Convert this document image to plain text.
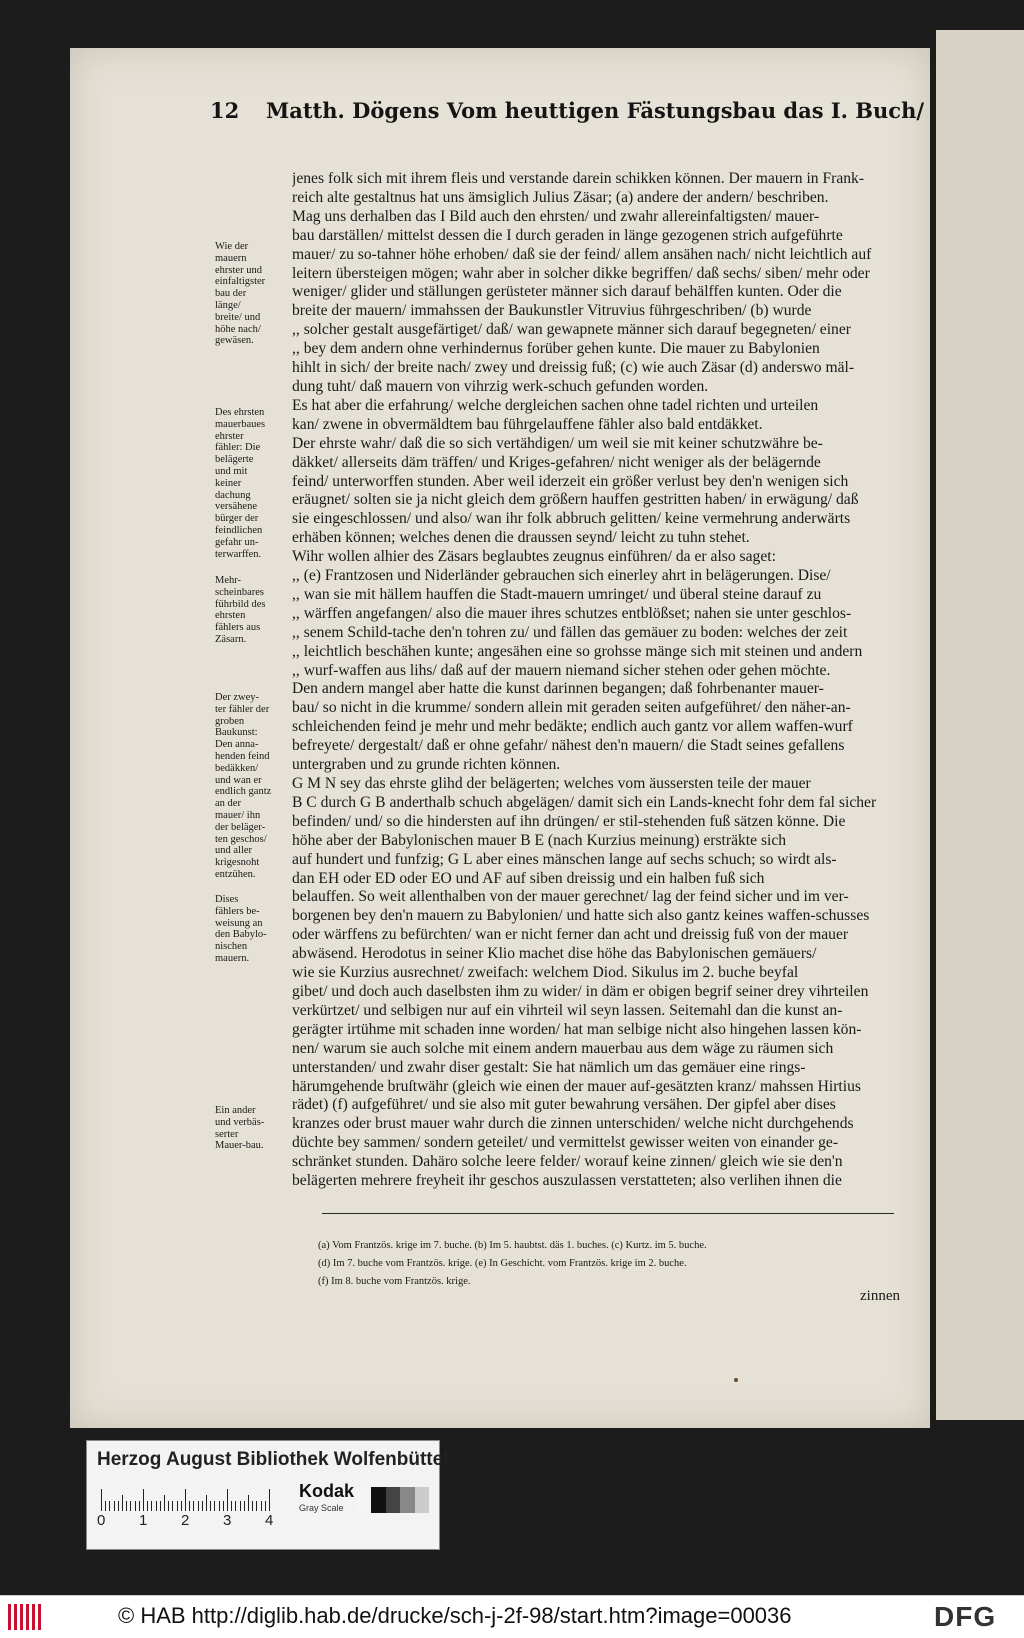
12 Matth. Dögens Vom heuttigen Fästungsbau das I. Buch/
jenes folk sich mit ihrem fleis und verstande darein schikken können. Der mauern in Frank-
reich alte gestaltnus hat uns ämsiglich Julius Zäsar; (a) andere der andern/ beschriben.
Mag uns derhalben das I Bild auch den ehrsten/ und zwahr allereinfaltigsten/ mauer-
bau darställen/ mittelst dessen die I durch geraden in länge gezogenen strich aufgeführte
mauer/ zu so-tahner höhe erhoben/ daß sie der feind/ allem ansähen nach/ nicht leichtlich auf
leitern übersteigen mögen; wahr aber in solcher dikke begriffen/ daß sechs/ siben/ mehr oder
weniger/ glider und ställungen gerüsteter männer sich darauf behälffen kunten. Oder die
breite der mauern/ immahssen der Baukunstler Vitruvius führgeschriben/ (b) wurde
,, solcher gestalt ausgefärtiget/ daß/ wan gewapnete männer sich darauf begegneten/ einer
,, bey dem andern ohne verhindernus forüber gehen kunte. Die mauer zu Babylonien
hihlt in sich/ der breite nach/ zwey und dreissig fuß; (c) wie auch Zäsar (d) anderswo mäl-
dung tuht/ daß mauern von vihrzig werk-schuch gefunden worden.
Es hat aber die erfahrung/ welche dergleichen sachen ohne tadel richten und urteilen
kan/ zwene in obvermäldtem bau führgelauffene fähler also bald entdäkket.
Der ehrste wahr/ daß die so sich vertähdigen/ um weil sie mit keiner schutzwähre be-
däkket/ allerseits däm träffen/ und Kriges-gefahren/ nicht weniger als der belägernde
feind/ unterworffen stunden. Aber weil iderzeit ein größer verlust bey den'n wenigen sich
eräugnet/ solten sie ja nicht gleich dem größern hauffen gestritten haben/ in erwägung/ daß
sie eingeschlossen/ und also/ wan ihr folk abbruch gelitten/ keine vermehrung anderwärts
erhäben können; welches denen die draussen seynd/ leicht zu tuhn stehet.
Wihr wollen alhier des Zäsars beglaubtes zeugnus einführen/ da er also saget:
,, (e) Frantzosen und Niderländer gebrauchen sich einerley ahrt in belägerungen. Dise/
,, wan sie mit hällem hauffen die Stadt-mauern umringet/ und überal steine darauf zu
,, wärffen angefangen/ also die mauer ihres schutzes entblößset; nahen sie unter geschlos-
,, senem Schild-tache den'n tohren zu/ und fällen das gemäuer zu boden: welches der zeit
,, leichtlich beschähen kunte; angesähen eine so grohsse mänge sich mit steinen und andern
,, wurf-waffen aus lihs/ daß auf der mauern niemand sicher stehen oder gehen möchte.
Den andern mangel aber hatte die kunst darinnen begangen; daß fohrbenanter mauer-
bau/ so nicht in die krumme/ sondern allein mit geraden seiten aufgeführet/ den näher-an-
schleichenden feind je mehr und mehr bedäkte; endlich auch gantz vor allem waffen-wurf
befreyete/ dergestalt/ daß er ohne gefahr/ nähest den'n mauern/ die Stadt seines gefallens
untergraben und zu grunde richten können.
G M N sey das ehrste glihd der belägerten; welches vom äussersten teile der mauer
B C durch G B anderthalb schuch abgelägen/ damit sich ein Lands-knecht fohr dem fal sicher
befinden/ und/ so die hindersten auf ihn drüngen/ er stil-stehenden fuß sätzen könne. Die
höhe aber der Babylonischen mauer B E (nach Kurzius meinung) ersträkte sich
auf hundert und funfzig; G L aber eines mänschen lange auf sechs schuch; so wirdt als-
dan EH oder ED oder EO und AF auf siben dreissig und ein halben fuß sich
belauffen. So weit allenthalben von der mauer gerechnet/ lag der feind sicher und im ver-
borgenen bey den'n mauern zu Babylonien/ und hatte sich also gantz keines waffen-schusses
oder wärffens zu befürchten/ wan er nicht ferner dan acht und dreissig fuß von der mauer
abwäsend. Herodotus in seiner Klio machet dise höhe das Babylonischen gemäuers/
wie sie Kurzius ausrechnet/ zweifach: welchem Diod. Sikulus im 2. buche beyfal
gibet/ und doch auch daselbsten ihm zu wider/ in däm er obigen begrif seiner drey vihrteilen
verkürtzet/ und selbigen nur auf ein vihrteil wil seyn lassen. Seitemahl dan die kunst an-
gerägter irtühme mit schaden inne worden/ hat man selbige nicht also hingehen lassen kön-
nen/ warum sie auch solche mit einem andern mauerbau aus dem wäge zu räumen sich
unterstanden/ und zwahr diser gestalt: Sie hat nämlich um das gemäuer eine rings-
härumgehende bruſtwähr (gleich wie einen der mauer auf-gesätzten kranz/ mahssen Hirtius
rädet) (f) aufgeführet/ und sie also mit guter bewahrung versähen. Der gipfel aber dises
kranzes oder brust mauer wahr durch die zinnen unterschiden/ welche nicht durchgehends
düchte bey sammen/ sondern geteilet/ und vermittelst gewisser weiten von einander ge-
schränket stunden. Dahäro solche leere felder/ worauf keine zinnen/ gleich wie sie den'n
belägerten mehrere freyheit ihr geschos auszulassen verstatteten; also verlihen ihnen die
Wie der
mauern
ehrster und
einfaltigster
bau der
länge/
breite/ und
höhe nach/
gewäsen.
Des ehrsten
mauerbaues
ehrster
fähler: Die
belägerte
und mit
keiner
dachung
versähene
bürger der
feindlichen
gefahr un-
terwarffen.
Mehr-
scheinbares
führbild des
ehrsten
fählers aus
Zäsarn.
Der zwey-
ter fähler der
groben
Baukunst:
Den anna-
henden feind
bedäkken/
und wan er
endlich gantz
an der
mauer/ ihn
der beläger-
ten geschos/
und aller
krigesnoht
entzühen.
Dises
fählers be-
weisung an
den Babylo-
nischen
mauern.
Ein ander
und verbäs-
serter
Mauer-bau.
(a) Vom Frantzös. krige im 7. buche. (b) Im 5. haubtst. däs 1. buches. (c) Kurtz. im 5. buche.
(d) Im 7. buche vom Frantzös. krige. (e) In Geschicht. vom Frantzös. krige im 2. buche.
(f) Im 8. buche vom Frantzös. krige.
zinnen
Herzog August Bibliothek Wolfenbüttel
0 1 2 3 4
Kodak
Gray Scale
© HAB http://diglib.hab.de/drucke/sch-j-2f-98/start.htm?image=00036	DFG
